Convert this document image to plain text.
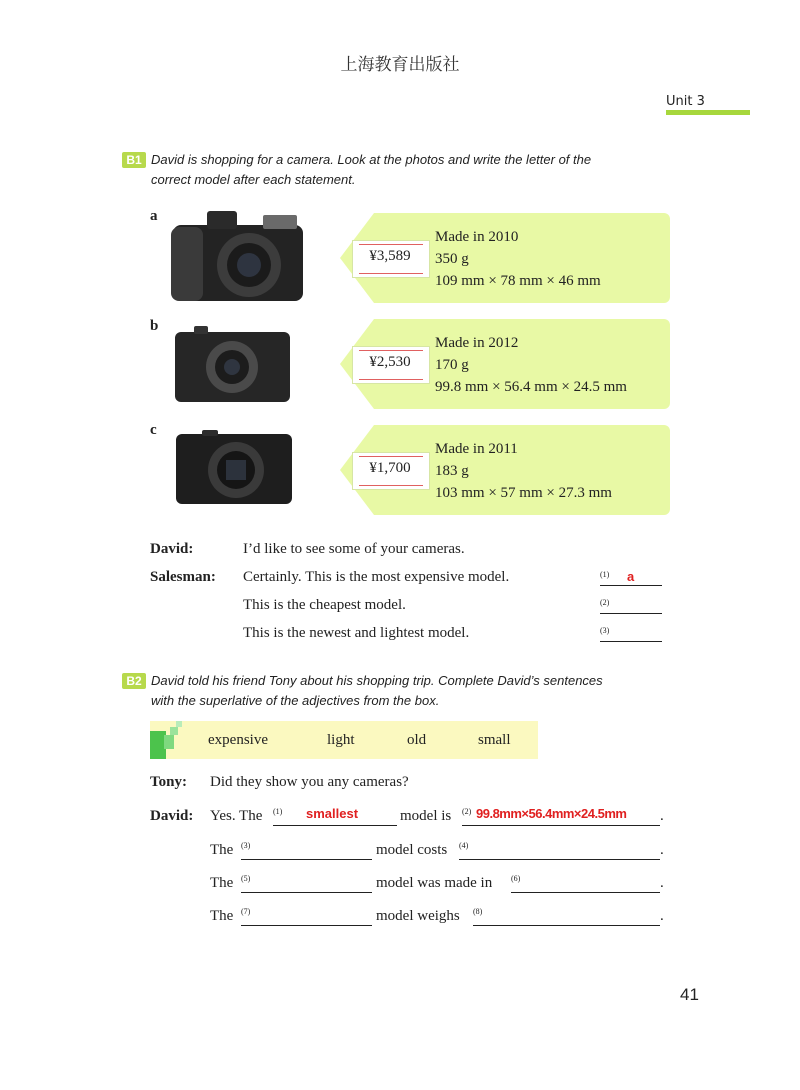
上海教育出版社
Unit 3
B1 David is shopping for a camera. Look at the photos and write the letter of the
correct model after each statement.
a
¥3,589
Made in 2010
350 g
109 mm × 78 mm × 46 mm
b
¥2,530
Made in 2012
170 g
99.8 mm × 56.4 mm × 24.5 mm
c
¥1,700
Made in 2011
183 g
103 mm × 57 mm × 27.3 mm
David:	I’d like to see some of your cameras.
Salesman: Certainly. This is the most expensive model.	(1) a
This is the cheapest model.	(2)
This is the newest and lightest model.	(3)
B2 David told his friend Tony about his shopping trip. Complete David’s sentences
with the superlative of the adjectives from the box.
expensive	light	old	small
Tony: Did they show you any cameras?
David: Yes. The (1) smallest	model is (2) 99.8mm×56.4mm×24.5mm .
The (3)	model costs (4)	.
The (5)	model was made in (6)	.
The (7)	model weighs (8)	.
41
